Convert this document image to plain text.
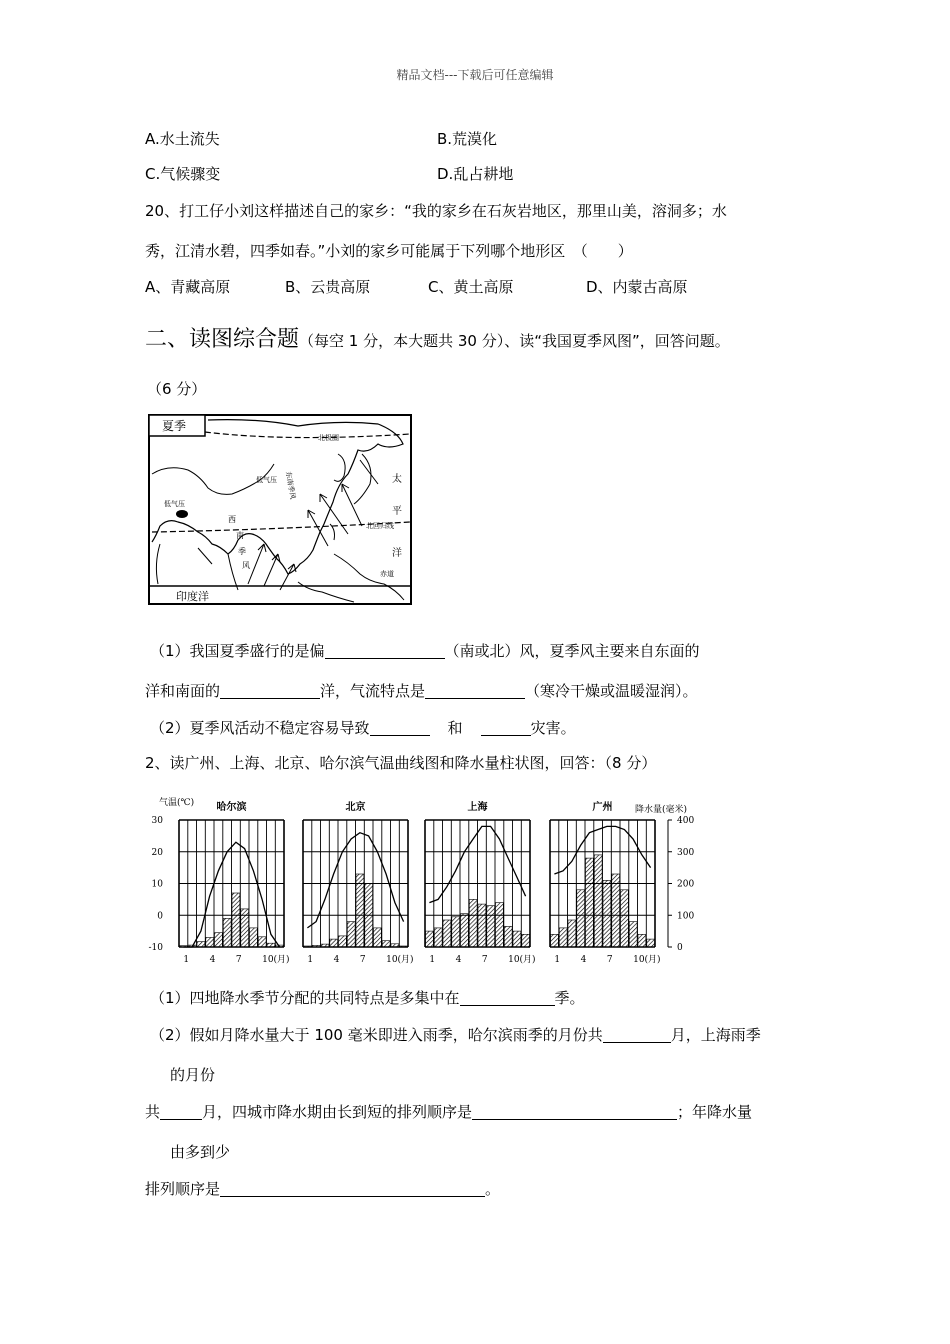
精品文档---下载后可任意编辑
A.水土流失	B.荒漠化
C.气候骤变	D.乱占耕地
20、打工仔小刘这样描述自己的家乡：“我的家乡在石灰岩地区，那里山美，溶洞多；水
秀，江清水碧，四季如春。”小刘的家乡可能属于下列哪个地形区　（　　）
A、青藏高原	B、云贵高原	C、黄土高原	D、内蒙古高原
二、读图综合题（每空 1 分，本大题共 30 分）、读“我国夏季风图”，回答问题。
（6 分）
夏季
北极圈
北回归线
赤道
太
平
洋
低气压
低气压
东南季风
西
南
季
风
印度洋
（1）我国夏季盛行的是偏	（南或北）风，夏季风主要来自东面的
洋和南面的	洋，气流特点是	（寒冷干燥或温暖湿润）。
（2）夏季风活动不稳定容易导致	和	灾害。
2、读广州、上海、北京、哈尔滨气温曲线图和降水量柱状图，回答：（8 分）
气温(℃)
降水量(毫米)
30
20
10
0
-10
400
300
200
100
0
哈尔滨
1 4 7 10(月)
北京
1 4 7 10(月)
上海
1 4 7 10(月)
广州
1 4 7 10(月)
（1）四地降水季节分配的共同特点是多集中在	季。
（2）假如月降水量大于 100 毫米即进入雨季，哈尔滨雨季的月份共	月，上海雨季
的月份
共	月，四城市降水期由长到短的排列顺序是	；年降水量
由多到少
排列顺序是	。
